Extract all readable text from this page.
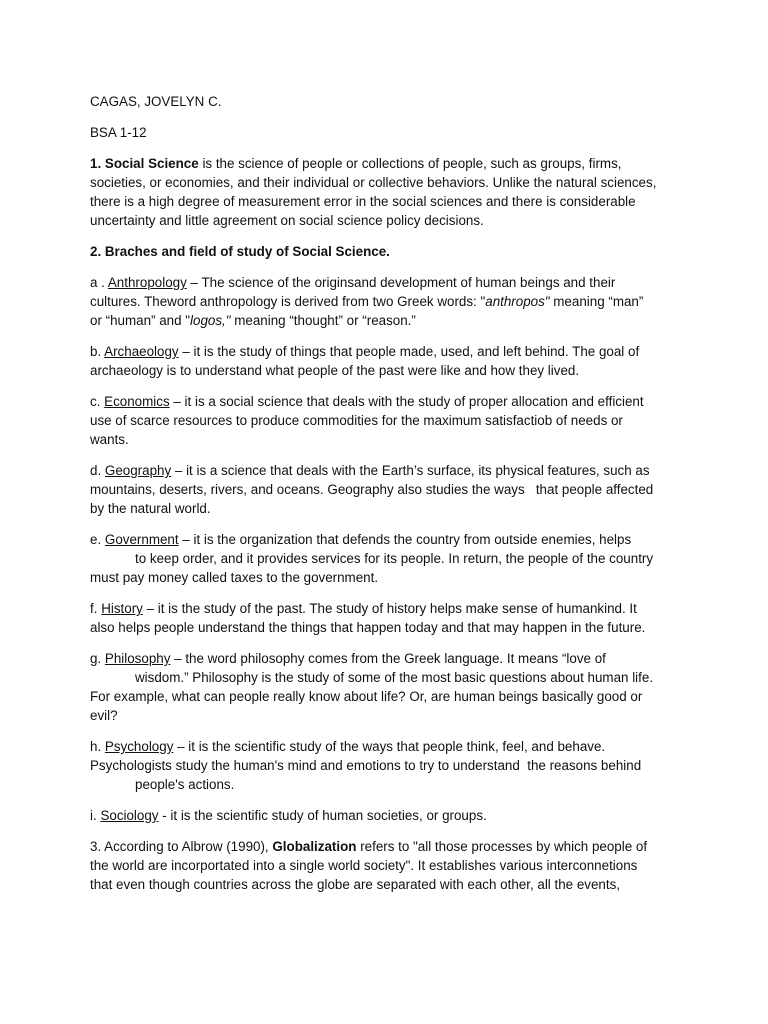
CAGAS, JOVELYN C.

BSA 1-12

1. Social Science is the science of people or collections of people, such as groups, firms,

societies, or economies, and their individual or collective behaviors. Unlike the natural sciences,

there is a high degree of measurement error in the social sciences and there is considerable

uncertainty and little agreement on social science policy decisions.

2. Braches and field of study of Social Science.

a . Anthropology – The science of the originsand development of human beings and their

cultures. Theword anthropology is derived from two Greek words: "anthropos" meaning “man”

or “human” and "logos," meaning “thought” or “reason.”

b. Archaeology – it is the study of things that people made, used, and left behind. The goal of

archaeology is to understand what people of the past were like and how they lived.

c. Economics – it is a social science that deals with the study of proper allocation and efficient

use of scarce resources to produce commodities for the maximum satisfactiob of needs or

wants.

d. Geography – it is a science that deals with the Earth’s surface, its physical features, such as

mountains, deserts, rivers, and oceans. Geography also studies the ways   that people affected

by the natural world.

e. Government – it is the organization that defends the country from outside enemies, helps

to keep order, and it provides services for its people. In return, the people of the country

must pay money called taxes to the government.

f. History – it is the study of the past. The study of history helps make sense of humankind. It

also helps people understand the things that happen today and that may happen in the future.

g. Philosophy – the word philosophy comes from the Greek language. It means “love of

wisdom.” Philosophy is the study of some of the most basic questions about human life.

For example, what can people really know about life? Or, are human beings basically good or

evil?

h. Psychology – it is the scientific study of the ways that people think, feel, and behave.

Psychologists study the human's mind and emotions to try to understand  the reasons behind

people's actions.

i. Sociology - it is the scientific study of human societies, or groups.

3. According to Albrow (1990), Globalization refers to "all those processes by which people of

the world are incorportated into a single world society". It establishes various interconnetions

that even though countries across the globe are separated with each other, all the events,
